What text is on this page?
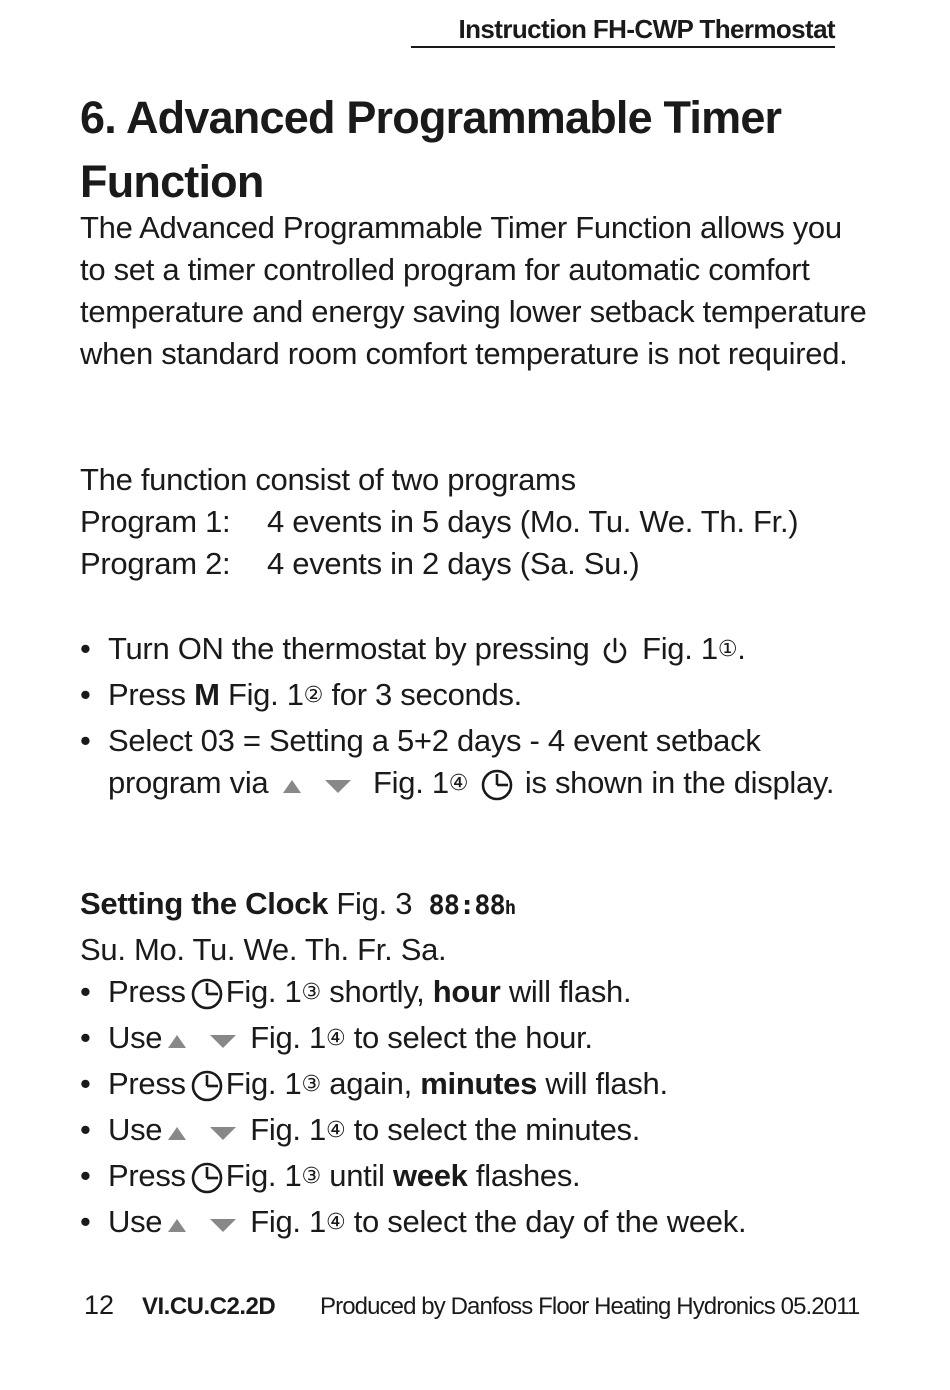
Instruction FH-CWP Thermostat
6. Advanced Programmable Timer Function
The Advanced Programmable Timer Function allows you to set a timer controlled program for automatic comfort temperature and energy saving lower setback temperature when standard room comfort temperature is not required.
The function consist of two programs
Program 1:	4 events in 5 days (Mo. Tu. We. Th. Fr.)
Program 2:	4 events in 2 days (Sa. Su.)
• Turn ON the thermostat by pressing Fig. 1①.
• Press M Fig. 1② for 3 seconds.
• Select 03 = Setting a 5+2 days - 4 event setback program via	Fig. 1④ is shown in the display.
Setting the Clock Fig. 3 88:88h
Su. Mo. Tu. We. Th. Fr. Sa.
• Press Fig. 1③ shortly, hour will flash.
• Use	Fig. 1④ to select the hour.
• Press Fig. 1③ again, minutes will flash.
• Use	Fig. 1④ to select the minutes.
• Press Fig. 1③ until week flashes.
• Use	Fig. 1④ to select the day of the week.
12	VI.CU.C2.2D	Produced by Danfoss Floor Heating Hydronics 05.2011
